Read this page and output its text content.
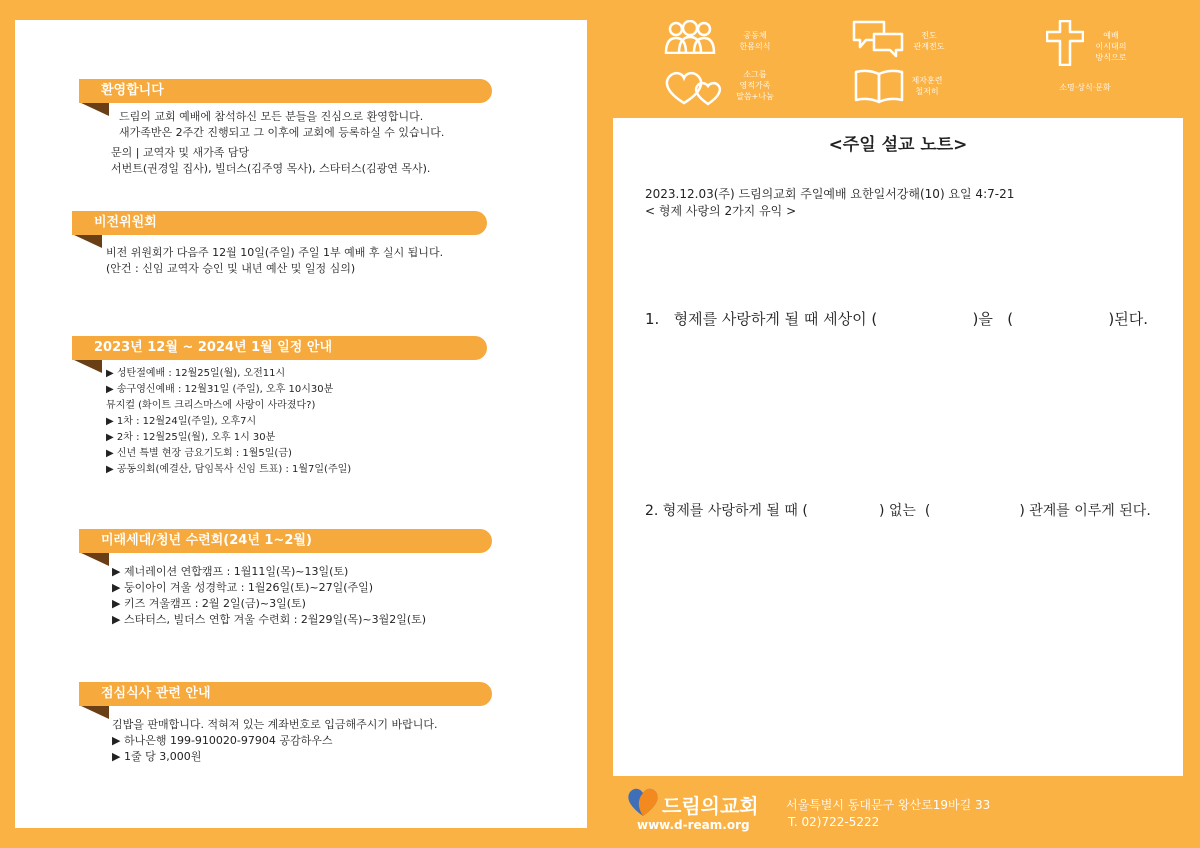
환영합니다
드림의 교회 예배에 참석하신 모든 분들을 진심으로 환영합니다.
새가족반은 2주간 진행되고 그 이후에 교회에 등록하실 수 있습니다.
문의 | 교역자 및 새가족 담당
서번트(권경일 집사), 빌더스(김주영 목사), 스타터스(김광연 목사).
비전위원회
비전 위원회가 다음주 12월 10일(주일) 주일 1부 예배 후 실시 됩니다.
(안건 : 신임 교역자 승인 및 내년 예산 및 일정 심의)
2023년 12월 ~ 2024년 1월 일정 안내
▶ 성탄절예배 : 12월25일(월), 오전11시
▶ 송구영신예배 : 12월31일 (주일), 오후 10시30분
뮤지컬 (화이트 크리스마스에 사랑이 사라졌다?)
▶ 1차 : 12월24일(주일), 오후7시
▶ 2차 : 12월25일(월), 오후 1시 30분
▶ 신년 특별 현장 금요기도회 : 1월5일(금)
▶ 공동의회(예결산, 담임목사 신임 트표) : 1월7일(주일)
미래세대/청년 수련회(24년 1~2월)
▶ 제너레이션 연합캠프 : 1월11일(목)~13일(토)
▶ 둥이아이 겨울 성경학교 : 1월26일(토)~27일(주일)
▶ 키즈 겨울캠프 : 2월 2일(금)~3일(토)
▶ 스타터스, 빌더스 연합 겨울 수련회 : 2월29일(목)~3월2일(토)
점심식사 관련 안내
김밥을 판매합니다. 적혀져 있는 계좌번호로 입금해주시기 바랍니다.
▶ 하나은행 199-910020-97904 공감하우스
▶ 1줄 당 3,000원
공동체
한몸의식
전도
관계전도
예배
이시대의
방식으로
소그룹
영적가족
말씀+나눔
제자훈련
철저히	소명·상식·문화
<주일 설교 노트>
2023.12.03(주) 드림의교회 주일예배 요한일서강해(10) 요일 4:7-21
< 형제 사랑의 2가지 유익 >
1.   형제를 사랑하게 될 때 세상이 (                    )을   (                    )된다.
2. 형제를 사랑하게 될 때 (                ) 없는  (                    ) 관계를 이루게 된다.
드림의교회
www.d-ream.org
서울특별시 동대문구 왕산로19바길 33
T. 02)722-5222
